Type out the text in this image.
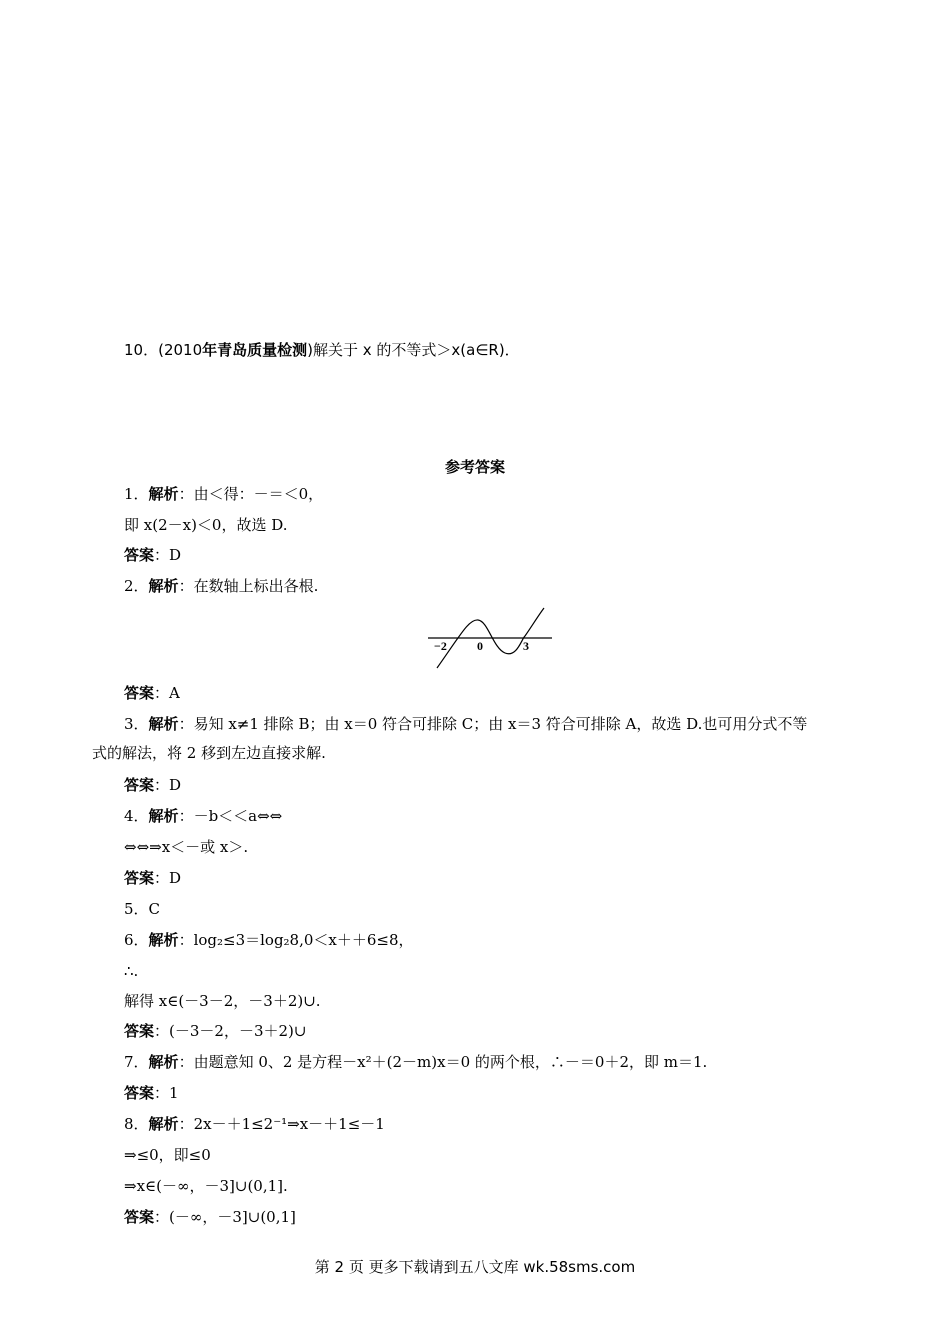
10．(2010年青岛质量检测)解关于 x 的不等式＞x(a∈R)．
参考答案
1．解析：由＜得：－＝＜0，
即 x(2－x)＜0，故选 D.
答案：D
2．解析：在数轴上标出各根.
−2	0	3
答案：A
3．解析：易知 x≠1 排除 B；由 x＝0 符合可排除 C；由 x＝3 符合可排除 A，故选 D.也可用分式不等
式的解法，将 2 移到左边直接求解.
答案：D
4．解析：－b＜＜a⇔⇔
⇔⇔⇒x＜－或 x＞.
答案：D
5．C
6．解析：log₂≤3＝log₂8,0＜x＋＋6≤8，
∴.
解得 x∈(－3－2，－3＋2)∪.
答案：(－3－2，－3＋2)∪
7．解析：由题意知 0、2 是方程－x²＋(2－m)x＝0 的两个根，∴－＝0＋2，即 m＝1.
答案：1
8．解析：2x－＋1≤2⁻¹⇒x－＋1≤－1
⇒≤0，即≤0
⇒x∈(－∞，－3]∪(0,1].
答案：(－∞，－3]∪(0,1]
第 2 页 更多下载请到五八文库 wk.58sms.com
